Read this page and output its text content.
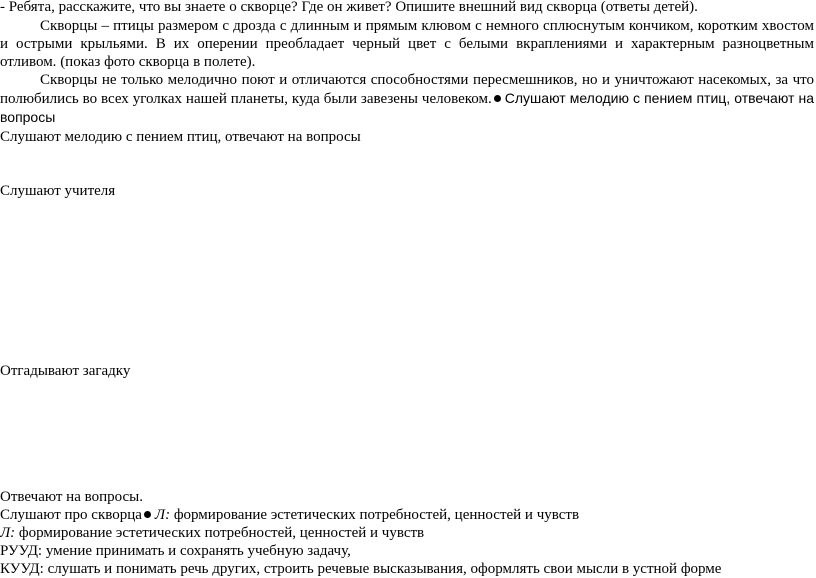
- Ребята, расскажите, что вы знаете о скворце? Где он живет? Опишите внешний вид скворца (ответы детей).
Скворцы – птицы размером с дрозда с длинным и прямым клювом с немного сплюснутым кончиком, коротким хвостом и острыми крыльями. В их оперении преобладает черный цвет с белыми вкраплениями и характерным разноцветным отливом. (показ фото скворца в полете).
Скворцы не только мелодично поют и отличаются способностями пересмешников, но и уничтожают насекомых, за что полюбились во всех уголках нашей планеты, куда были завезены человеком. Слушают мелодию с пением птиц, отвечают на вопросы
Слушают мелодию с пением птиц, отвечают на вопросы
Слушают учителя
Отгадывают загадку
Отвечают на вопросы.
Слушают про скворца Л: формирование эстетических потребностей, ценностей и чувств
Л: формирование эстетических потребностей, ценностей и чувств
РУУД: умение принимать и сохранять учебную задачу,
КУУД: слушать и понимать речь других, строить речевые высказывания, оформлять свои мысли в устной форме
